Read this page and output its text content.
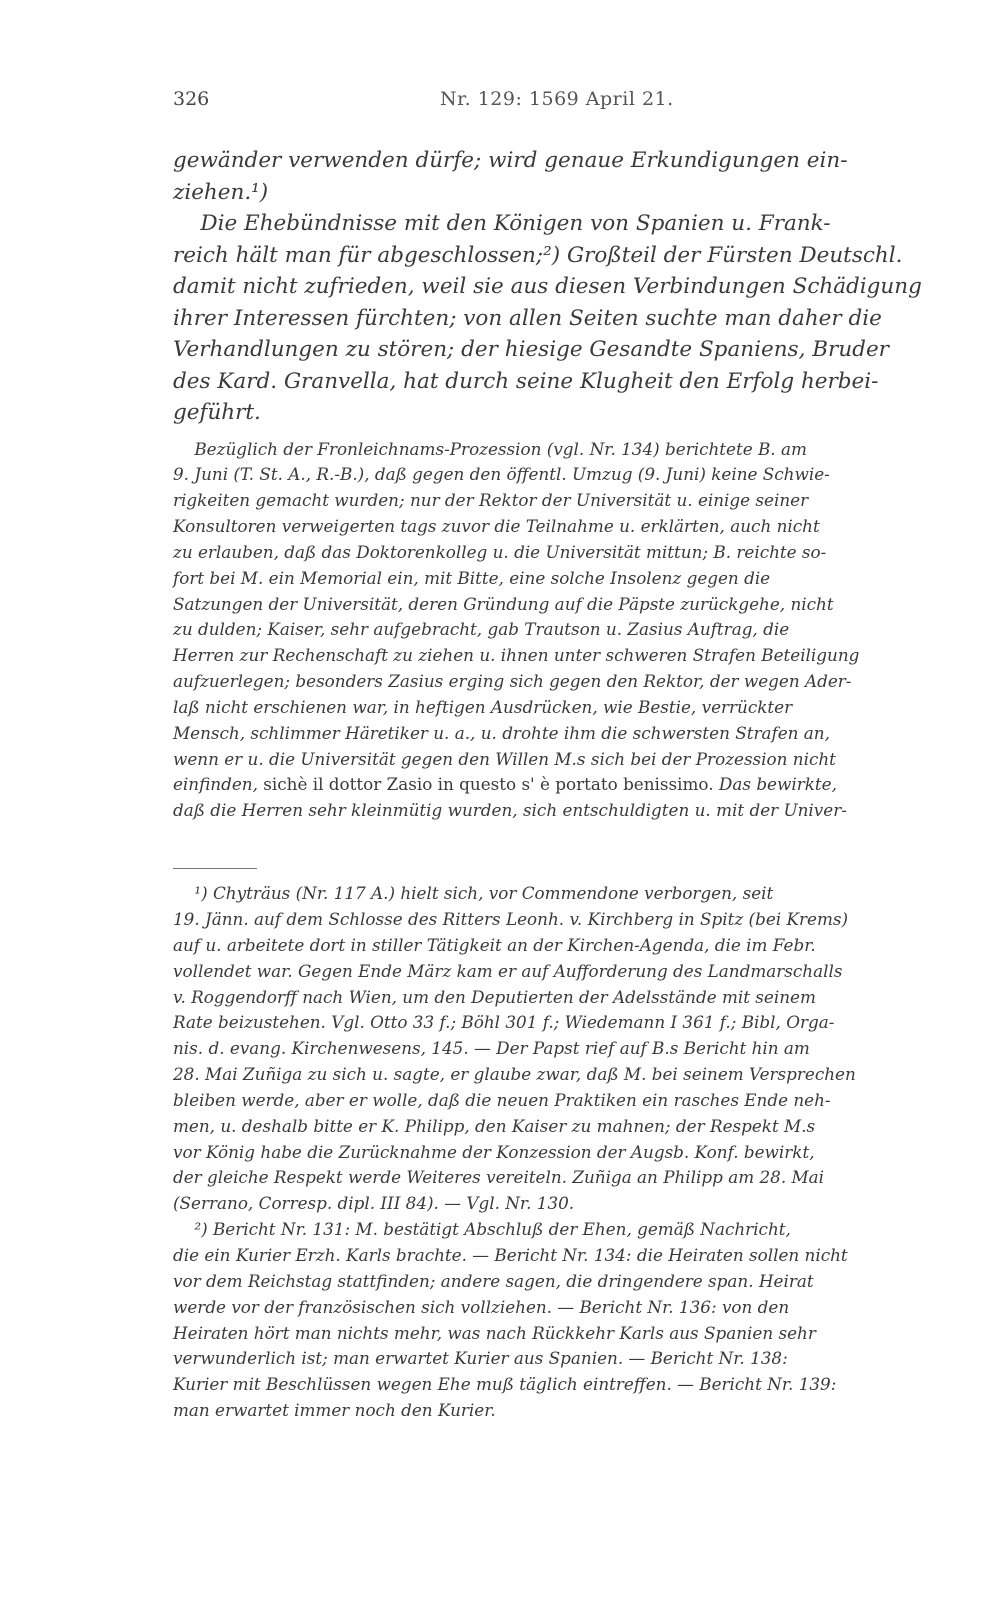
326	Nr. 129: 1569 April 21.
gewänder verwenden dürfe; wird genaue Erkundigungen ein-
ziehen.¹)
Die Ehebündnisse mit den Königen von Spanien u. Frank-
reich hält man für abgeschlossen;²) Großteil der Fürsten Deutschl.
damit nicht zufrieden, weil sie aus diesen Verbindungen Schädigung
ihrer Interessen fürchten; von allen Seiten suchte man daher die
Verhandlungen zu stören; der hiesige Gesandte Spaniens, Bruder
des Kard. Granvella, hat durch seine Klugheit den Erfolg herbei-
geführt.
Bezüglich der Fronleichnams-Prozession (vgl. Nr. 134) berichtete B. am
9. Juni (T. St. A., R.-B.), daß gegen den öffentl. Umzug (9. Juni) keine Schwie-
rigkeiten gemacht wurden; nur der Rektor der Universität u. einige seiner
Konsultoren verweigerten tags zuvor die Teilnahme u. erklärten, auch nicht
zu erlauben, daß das Doktorenkolleg u. die Universität mittun; B. reichte so-
fort bei M. ein Memorial ein, mit Bitte, eine solche Insolenz gegen die
Satzungen der Universität, deren Gründung auf die Päpste zurückgehe, nicht
zu dulden; Kaiser, sehr aufgebracht, gab Trautson u. Zasius Auftrag, die
Herren zur Rechenschaft zu ziehen u. ihnen unter schweren Strafen Beteiligung
aufzuerlegen; besonders Zasius erging sich gegen den Rektor, der wegen Ader-
laß nicht erschienen war, in heftigen Ausdrücken, wie Bestie, verrückter
Mensch, schlimmer Häretiker u. a., u. drohte ihm die schwersten Strafen an,
wenn er u. die Universität gegen den Willen M.s sich bei der Prozession nicht
einfinden, sichè il dottor Zasio in questo s' è portato benissimo. Das bewirkte,
daß die Herren sehr kleinmütig wurden, sich entschuldigten u. mit der Univer-
¹) Chyträus (Nr. 117 A.) hielt sich, vor Commendone verborgen, seit
19. Jänn. auf dem Schlosse des Ritters Leonh. v. Kirchberg in Spitz (bei Krems)
auf u. arbeitete dort in stiller Tätigkeit an der Kirchen-Agenda, die im Febr.
vollendet war. Gegen Ende März kam er auf Aufforderung des Landmarschalls
v. Roggendorff nach Wien, um den Deputierten der Adelsstände mit seinem
Rate beizustehen. Vgl. Otto 33 f.; Böhl 301 f.; Wiedemann I 361 f.; Bibl, Orga-
nis. d. evang. Kirchenwesens, 145. — Der Papst rief auf B.s Bericht hin am
28. Mai Zuñiga zu sich u. sagte, er glaube zwar, daß M. bei seinem Versprechen
bleiben werde, aber er wolle, daß die neuen Praktiken ein rasches Ende neh-
men, u. deshalb bitte er K. Philipp, den Kaiser zu mahnen; der Respekt M.s
vor König habe die Zurücknahme der Konzession der Augsb. Konf. bewirkt,
der gleiche Respekt werde Weiteres vereiteln. Zuñiga an Philipp am 28. Mai
(Serrano, Corresp. dipl. III 84). — Vgl. Nr. 130.
²) Bericht Nr. 131: M. bestätigt Abschluß der Ehen, gemäß Nachricht,
die ein Kurier Erzh. Karls brachte. — Bericht Nr. 134: die Heiraten sollen nicht
vor dem Reichstag stattfinden; andere sagen, die dringendere span. Heirat
werde vor der französischen sich vollziehen. — Bericht Nr. 136: von den
Heiraten hört man nichts mehr, was nach Rückkehr Karls aus Spanien sehr
verwunderlich ist; man erwartet Kurier aus Spanien. — Bericht Nr. 138:
Kurier mit Beschlüssen wegen Ehe muß täglich eintreffen. — Bericht Nr. 139:
man erwartet immer noch den Kurier.
